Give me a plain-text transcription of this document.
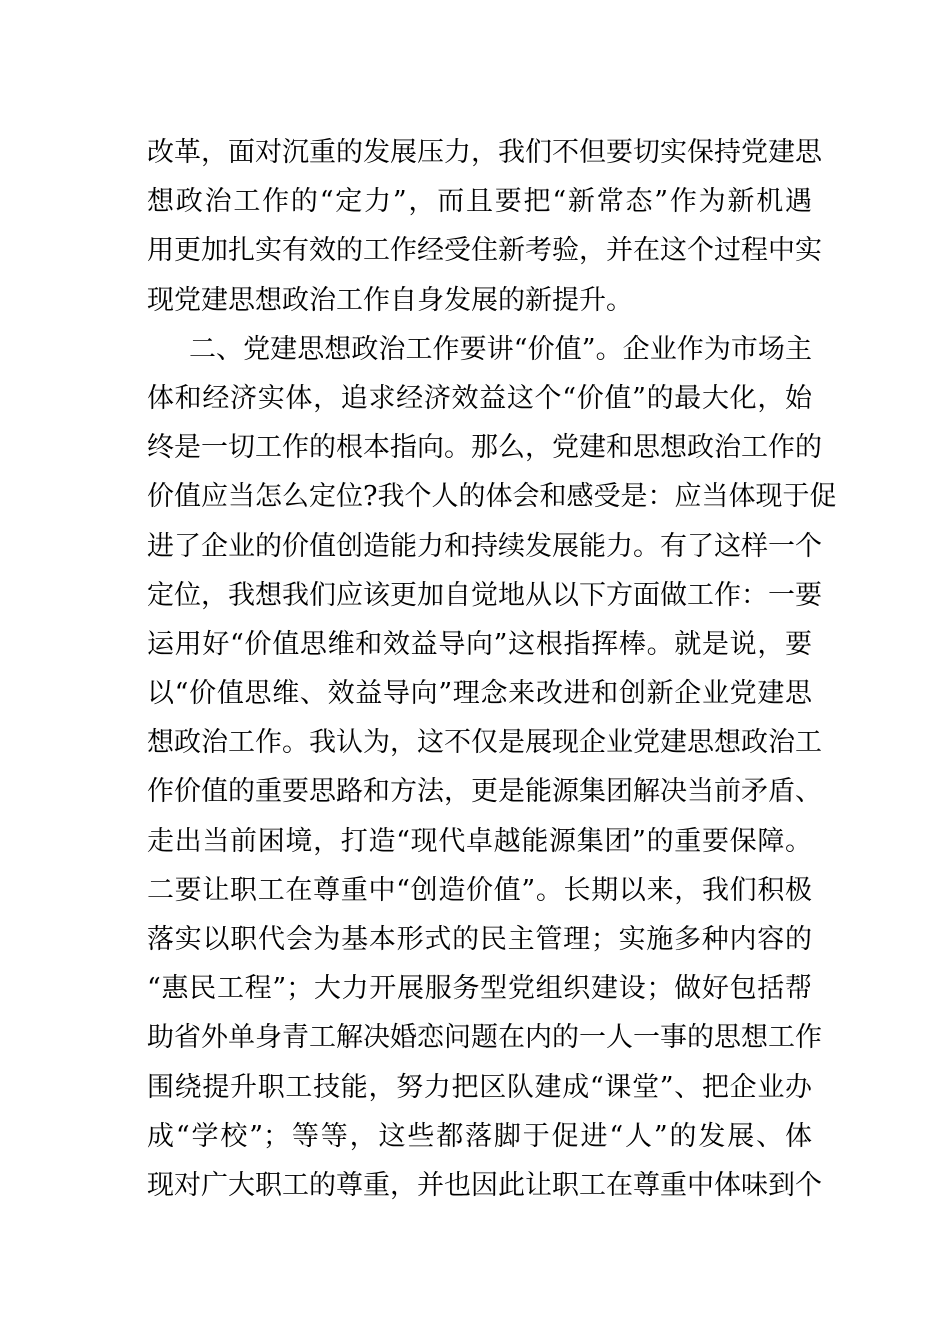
改革，面对沉重的发展压力，我们不但要切实保持党建思
想政治工作的“定力”，而且要把“新常态”作为新机遇
用更加扎实有效的工作经受住新考验，并在这个过程中实
现党建思想政治工作自身发展的新提升。
二、党建思想政治工作要讲“价值”。企业作为市场主
体和经济实体，追求经济效益这个“价值”的最大化，始
终是一切工作的根本指向。那么，党建和思想政治工作的
价值应当怎么定位?我个人的体会和感受是：应当体现于促
进了企业的价值创造能力和持续发展能力。有了这样一个
定位，我想我们应该更加自觉地从以下方面做工作：一要
运用好“价值思维和效益导向”这根指挥棒。就是说，要
以“价值思维、效益导向”理念来改进和创新企业党建思
想政治工作。我认为，这不仅是展现企业党建思想政治工
作价值的重要思路和方法，更是能源集团解决当前矛盾、
走出当前困境，打造“现代卓越能源集团”的重要保障。
二要让职工在尊重中“创造价值”。长期以来，我们积极
落实以职代会为基本形式的民主管理；实施多种内容的
“惠民工程”；大力开展服务型党组织建设；做好包括帮
助省外单身青工解决婚恋问题在内的一人一事的思想工作
围绕提升职工技能，努力把区队建成“课堂”、把企业办
成“学校”；等等，这些都落脚于促进“人”的发展、体
现对广大职工的尊重，并也因此让职工在尊重中体味到个
